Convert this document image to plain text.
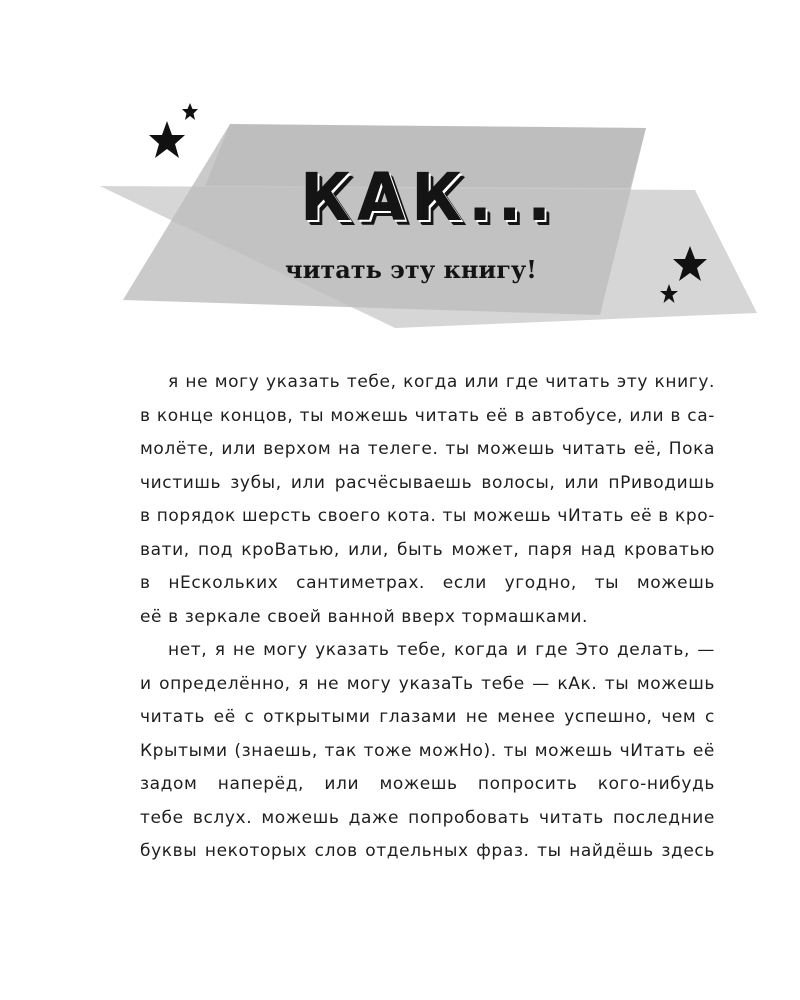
КАК...
читать эту книгу!
я не могу указать тебе, когда или где читать эту книгу.
в конце концов, ты можешь читать её в автобусе, или в са-
молёте, или верхом на телеге. ты можешь читать её, Пока
чистишь зубы, или расчёсываешь волосы, или пРиводишь
в порядок шерсть своего кота. ты можешь чИтать её в кро-
вати, под кроВатью, или, быть может, паря над кроватью
в нЕскольких сантиметрах. если угодно, ты можешь
её в зеркале своей ванной вверх тормашками.
нет, я не могу указать тебе, когда и где Это делать, —
и определённо, я не могу указаТь тебе — кАк. ты можешь
читать её с открытыми глазами не менее успешно, чем с
Крытыми (знаешь, так тоже можНо). ты можешь чИтать её
задом наперёд, или можешь попросить кого-нибудь
тебе вслух. можешь даже попробовать читать последние
буквы некоторых слов отдельных фраз. ты найдёшь здесь
